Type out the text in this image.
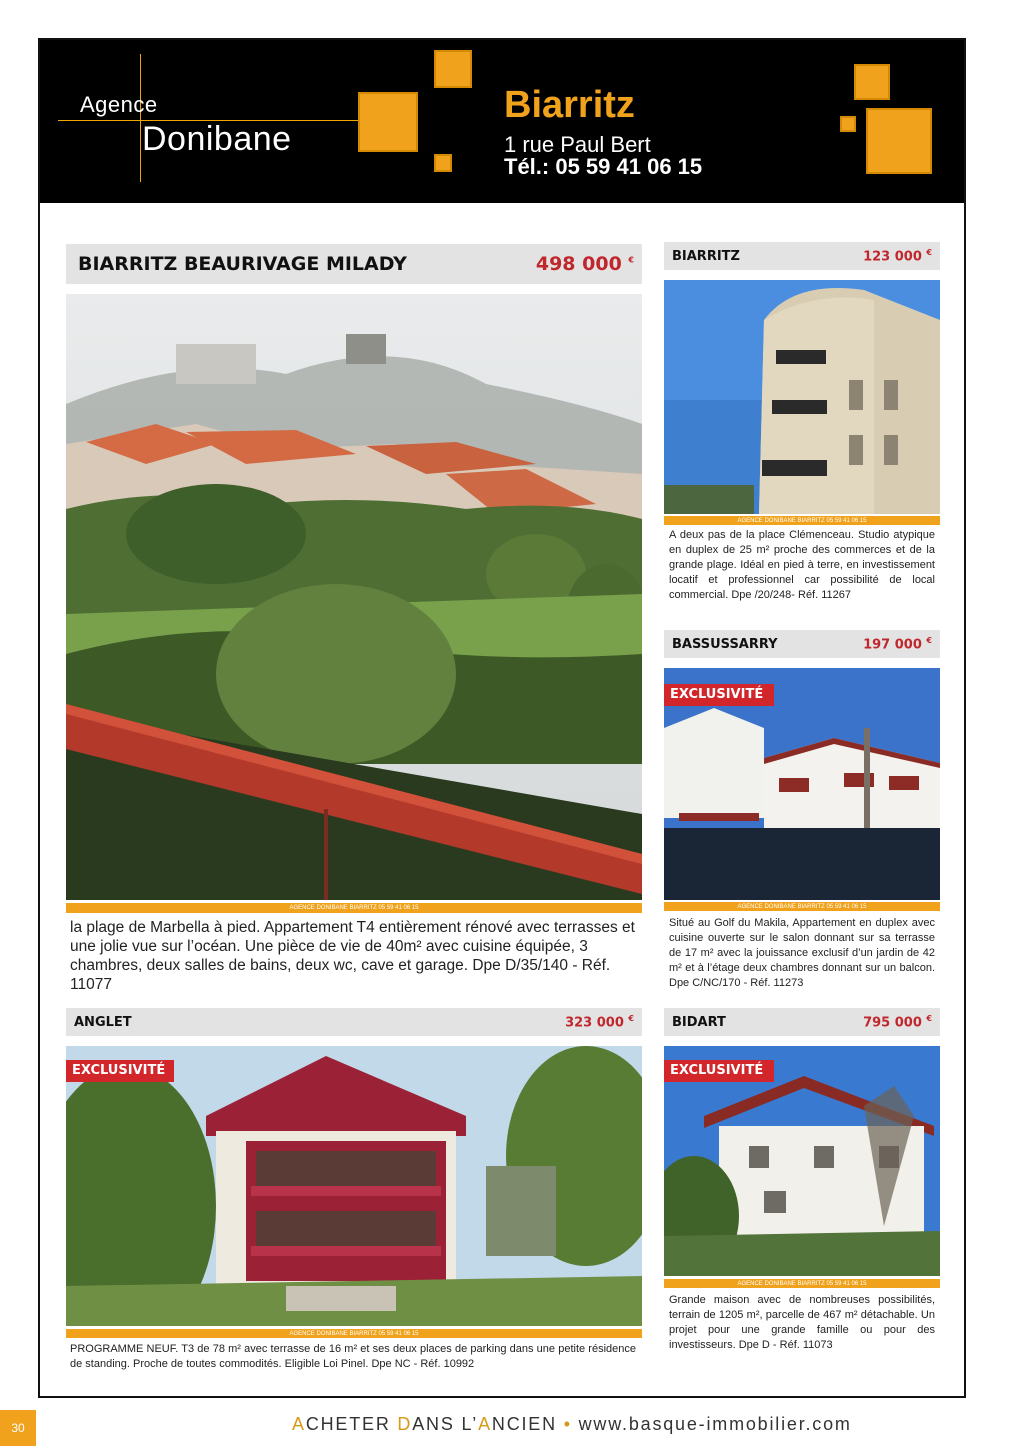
Agence
Donibane
Biarritz
1 rue Paul Bert
Tél.: 05 59 41 06 15
BIARRITZ BEAURIVAGE MILADY	498 000 €
AGENCE DONIBANE BIARRITZ 05 59 41 06 15
la plage de Marbella à pied. Appartement T4 entièrement rénové avec terrasses et une jolie vue sur l’océan. Une pièce de vie de 40m² avec cuisine équipée, 3 chambres, deux salles de bains, deux wc, cave et garage. Dpe D/35/140 - Réf. 11077
BIARRITZ	123 000 €
AGENCE DONIBANE BIARRITZ 05 59 41 06 15
A deux pas de la place Clémenceau. Studio atypique en duplex de 25 m² proche des commerces et de la grande plage. Idéal en pied à terre, en investissement locatif et professionnel car possibilité de local commercial. Dpe /20/248- Réf. 11267
BASSUSSARRY	197 000 €
EXCLUSIVITÉ
AGENCE DONIBANE BIARRITZ 05 59 41 06 15
Situé au Golf du Makila, Appartement en duplex avec cuisine ouverte sur le salon donnant sur sa terrasse de 17 m² avec la jouissance exclusif d’un jardin de 42 m² et à l’étage deux chambres donnant sur un balcon. Dpe C/NC/170 - Réf. 11273
ANGLET	323 000 €
EXCLUSIVITÉ
AGENCE DONIBANE BIARRITZ 05 59 41 06 15
PROGRAMME NEUF. T3 de 78 m² avec terrasse de 16 m² et ses deux places de parking dans une petite résidence de standing. Proche de toutes commodités. Eligible Loi Pinel. Dpe NC - Réf. 10992
BIDART	795 000 €
EXCLUSIVITÉ
AGENCE DONIBANE BIARRITZ 05 59 41 06 15
Grande maison avec de nombreuses possibilités, terrain de 1205 m², parcelle de 467 m² détachable. Un projet pour une grande famille ou pour des investisseurs. Dpe D - Réf. 11073
30	ACHETER DANS L’ANCIEN • www.basque-immobilier.com
